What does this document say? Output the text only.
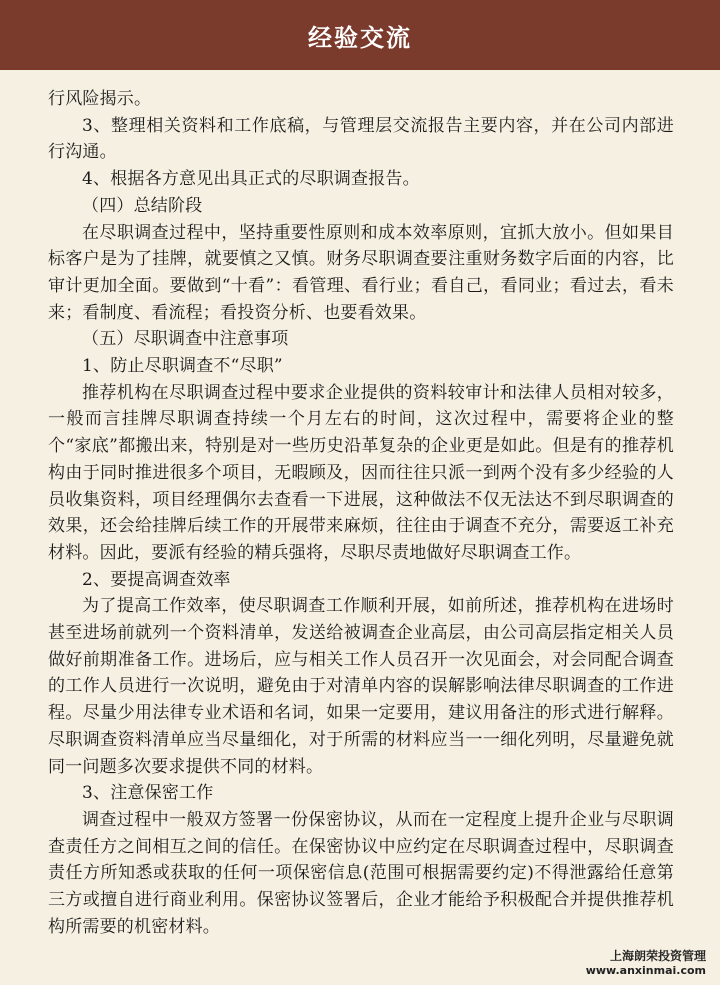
经验交流

行风险揭示。

3、整理相关资料和工作底稿，与管理层交流报告主要内容，并在公司内部进行沟通。

4、根据各方意见出具正式的尽职调查报告。

（四）总结阶段

在尽职调查过程中，坚持重要性原则和成本效率原则，宜抓大放小。但如果目标客户是为了挂牌，就要慎之又慎。财务尽职调查要注重财务数字后面的内容，比审计更加全面。要做到“十看”：看管理、看行业；看自己，看同业；看过去，看未来；看制度、看流程；看投资分析、也要看效果。

（五）尽职调查中注意事项

1、防止尽职调查不“尽职”

推荐机构在尽职调查过程中要求企业提供的资料较审计和法律人员相对较多，一般而言挂牌尽职调查持续一个月左右的时间，这次过程中，需要将企业的整个“家底”都搬出来，特别是对一些历史沿革复杂的企业更是如此。但是有的推荐机构由于同时推进很多个项目，无暇顾及，因而往往只派一到两个没有多少经验的人员收集资料，项目经理偶尔去查看一下进展，这种做法不仅无法达不到尽职调查的效果，还会给挂牌后续工作的开展带来麻烦，往往由于调查不充分，需要返工补充材料。因此，要派有经验的精兵强将，尽职尽责地做好尽职调查工作。

2、要提高调查效率

为了提高工作效率，使尽职调查工作顺利开展，如前所述，推荐机构在进场时甚至进场前就列一个资料清单，发送给被调查企业高层，由公司高层指定相关人员做好前期准备工作。进场后，应与相关工作人员召开一次见面会，对会同配合调查的工作人员进行一次说明，避免由于对清单内容的误解影响法律尽职调查的工作进程。尽量少用法律专业术语和名词，如果一定要用，建议用备注的形式进行解释。尽职调查资料清单应当尽量细化，对于所需的材料应当一一细化列明，尽量避免就同一问题多次要求提供不同的材料。

3、注意保密工作

调查过程中一般双方签署一份保密协议，从而在一定程度上提升企业与尽职调查责任方之间相互之间的信任。在保密协议中应约定在尽职调查过程中，尽职调查责任方所知悉或获取的任何一项保密信息(范围可根据需要约定)不得泄露给任意第三方或擅自进行商业利用。保密协议签署后，企业才能给予积极配合并提供推荐机构所需要的机密材料。

上海朗荣投资管理
www.anxinmai.com
